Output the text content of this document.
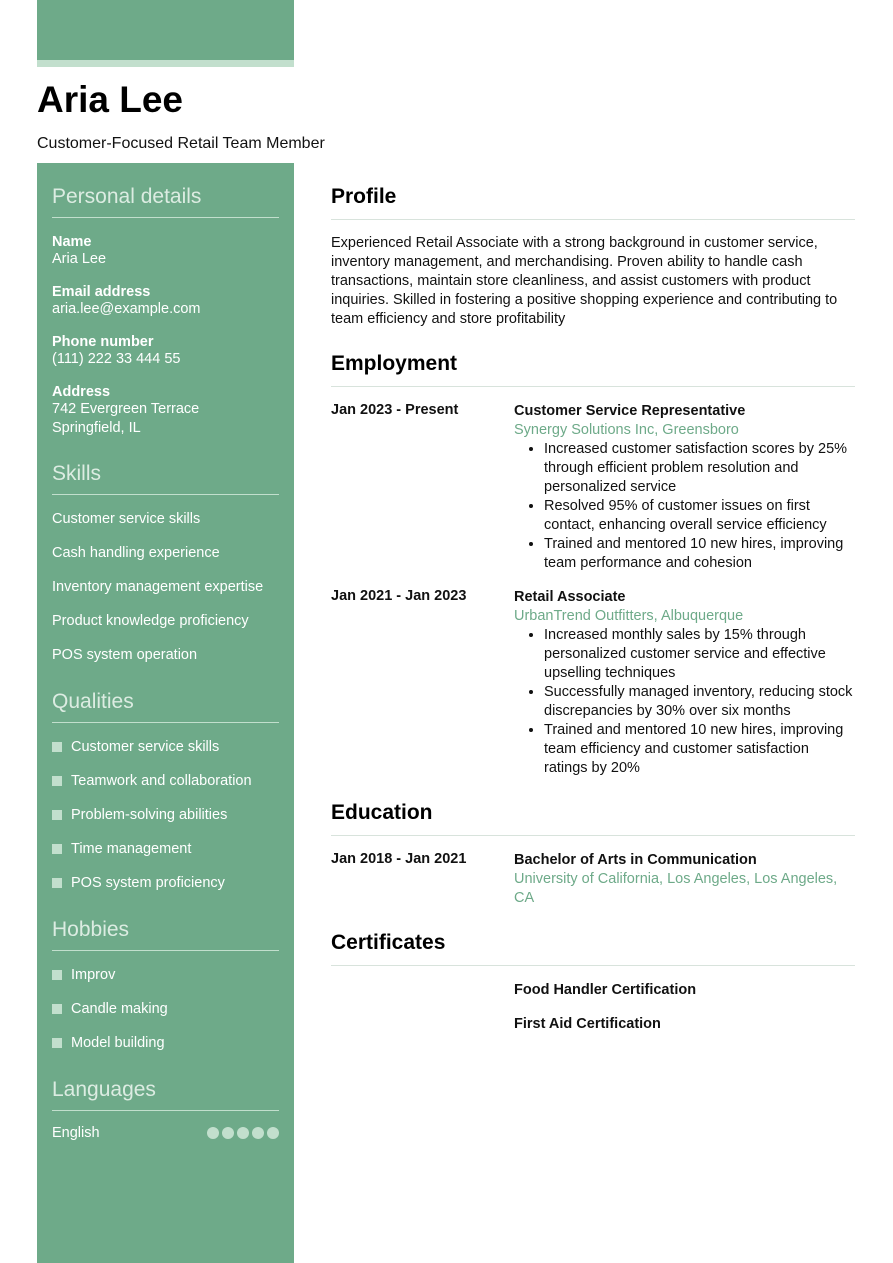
Aria Lee
Customer-Focused Retail Team Member
Personal details
Name
Aria Lee
Email address
aria.lee@example.com
Phone number
(111) 222 33 444 55
Address
742 Evergreen Terrace
Springfield, IL
Skills
Customer service skills
Cash handling experience
Inventory management expertise
Product knowledge proficiency
POS system operation
Qualities
Customer service skills
Teamwork and collaboration
Problem-solving abilities
Time management
POS system proficiency
Hobbies
Improv
Candle making
Model building
Languages
English
Profile
Experienced Retail Associate with a strong background in customer service, inventory management, and merchandising. Proven ability to handle cash transactions, maintain store cleanliness, and assist customers with product inquiries. Skilled in fostering a positive shopping experience and contributing to team efficiency and store profitability
Employment
Jan 2023 - Present	Customer Service Representative
Synergy Solutions Inc, Greensboro
• Increased customer satisfaction scores by 25% through efficient problem resolution and personalized service
• Resolved 95% of customer issues on first contact, enhancing overall service efficiency
• Trained and mentored 10 new hires, improving team performance and cohesion
Jan 2021 - Jan 2023	Retail Associate
UrbanTrend Outfitters, Albuquerque
• Increased monthly sales by 15% through personalized customer service and effective upselling techniques
• Successfully managed inventory, reducing stock discrepancies by 30% over six months
• Trained and mentored 10 new hires, improving team efficiency and customer satisfaction ratings by 20%
Education
Jan 2018 - Jan 2021	Bachelor of Arts in Communication
University of California, Los Angeles, Los Angeles, CA
Certificates
Food Handler Certification
First Aid Certification
